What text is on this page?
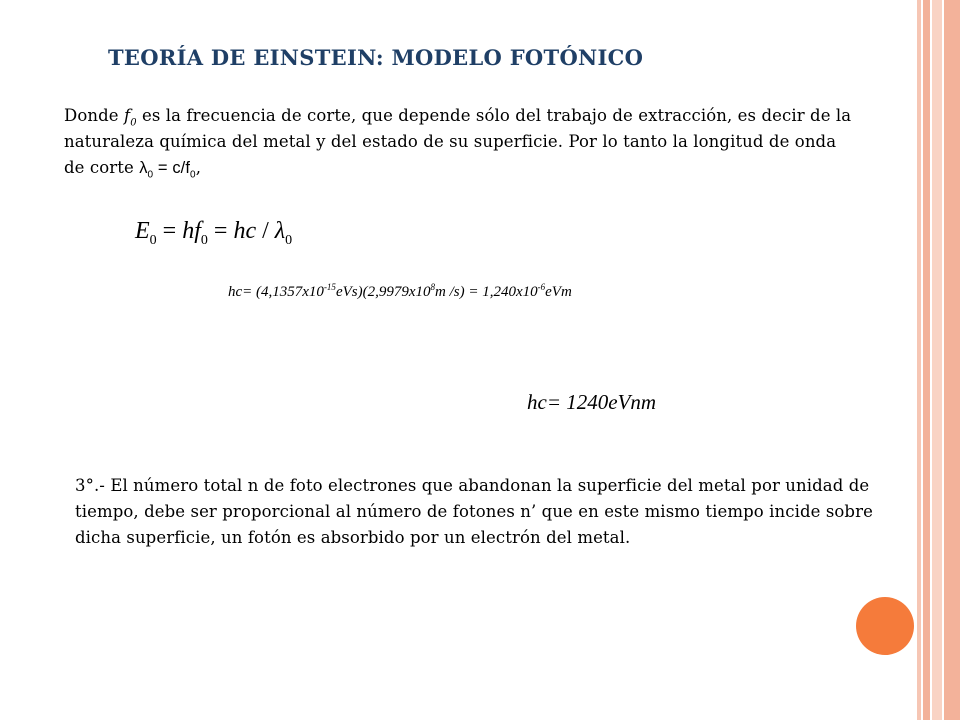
TEORÍA DE EINSTEIN: MODELO FOTÓNICO
Donde $f_0$ es la frecuencia de corte, que depende sólo del trabajo de extracción, es decir de la naturaleza química del metal y del estado de su superficie. Por lo tanto la longitud de onda de corte $\lambda_0 = c/f_0$,
$E_0 = hf_0$ = hc / $\lambda_0$
$hc= (4,1357x10^{-15}eVs)(2,9979x10^8m$ $/s) = 1,240x10^{-6}eVm$
hc= 1240eVnm
3°.- El número total n de foto electrones que abandonan la superficie del metal por unidad de tiempo, debe ser proporcional al número de fotones n’ que en este mismo tiempo incide sobre dicha superficie, un fotón es absorbido por un electrón del metal.
